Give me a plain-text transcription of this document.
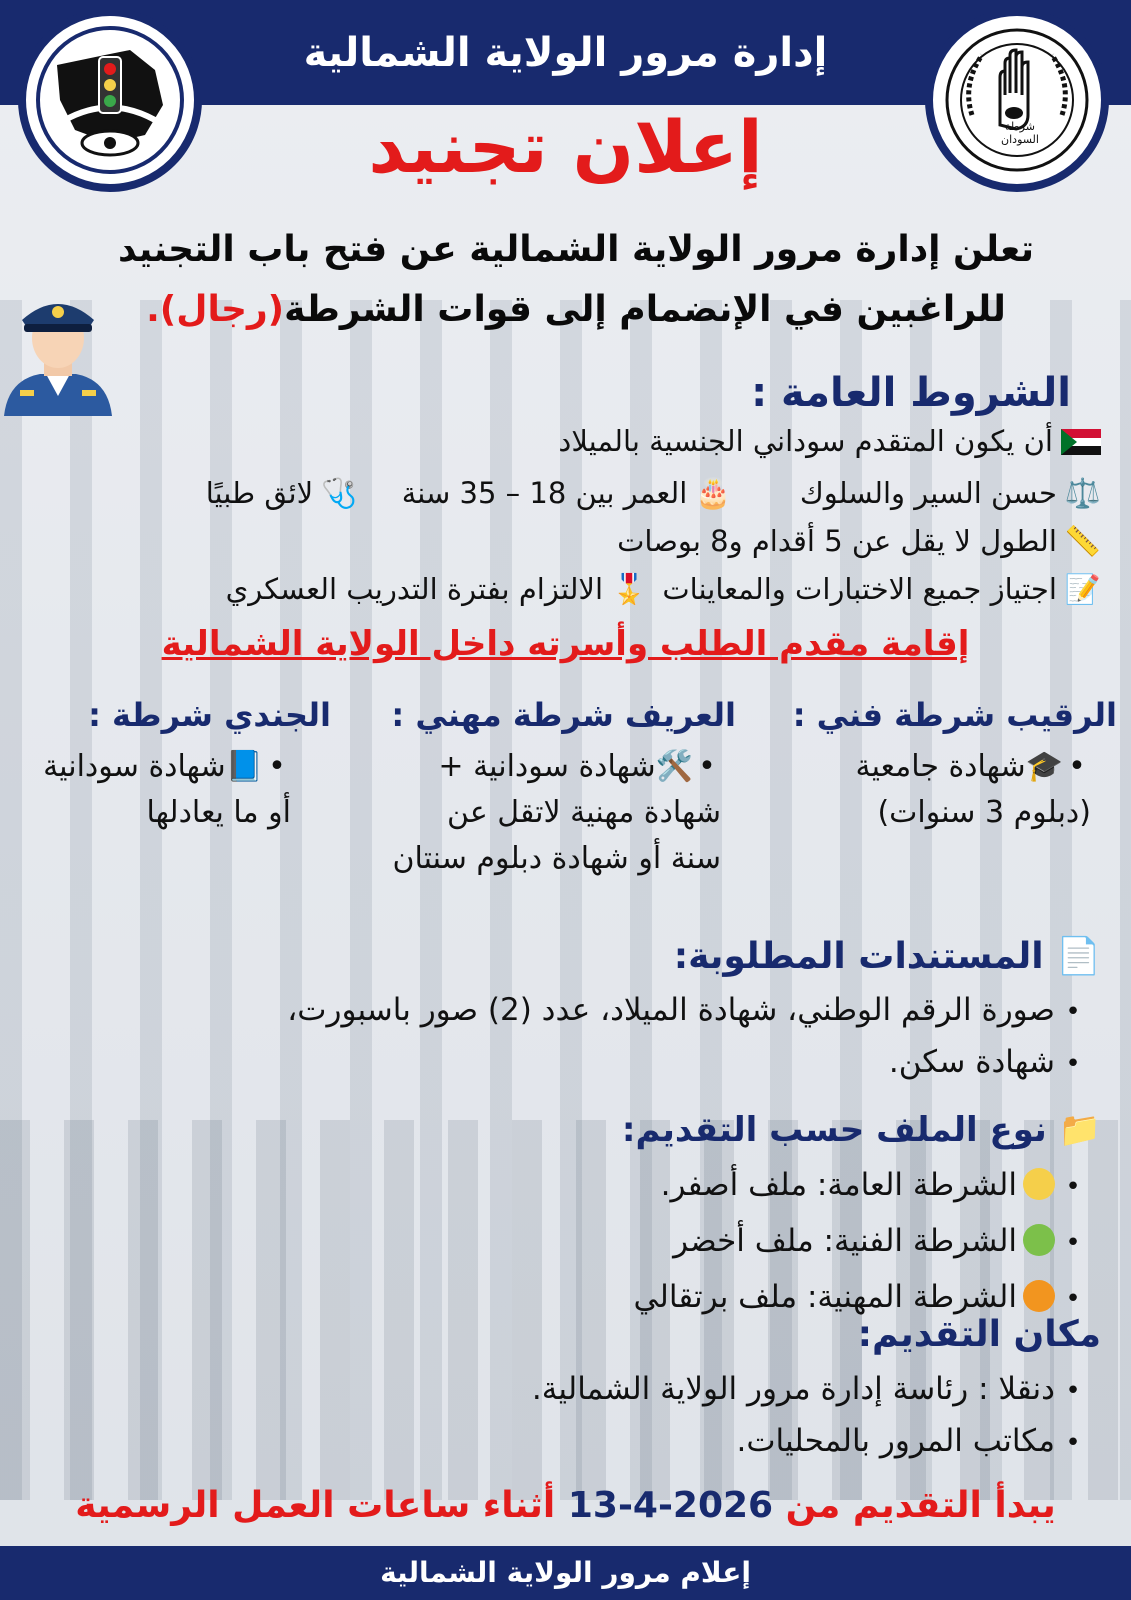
إدارة مرور الولاية الشمالية
شرطة السودان
إعلان تجنيد
تعلن إدارة مرور الولاية الشمالية عن فتح باب التجنيد
للراغبين في الإنضمام إلى قوات الشرطة(رجال).
الشروط العامة :
أن يكون المتقدم سوداني الجنسية بالميلاد
⚖️حسن السير والسلوك  🎂العمر بين 18 – 35 سنة  🩺لائق طبيًا
📏الطول لا يقل عن 5 أقدام و8 بوصات
📝اجتياز جميع الاختبارات والمعاينات 🎖️الالتزام بفترة التدريب العسكري
إقامة مقدم الطلب وأسرته داخل الولاية الشمالية
الرقيب شرطة فني :
•🎓شهادة جامعية (دبلوم 3 سنوات)
العريف شرطة مهني :
•🛠️شهادة سودانية + شهادة مهنية لاتقل عن سنة أو شهادة دبلوم سنتان
الجندي شرطة :
•📘شهادة سودانية أو ما يعادلها
📄 المستندات المطلوبة:
•صورة الرقم الوطني، شهادة الميلاد، عدد (2) صور باسبورت،
•شهادة سكن.
📁 نوع الملف حسب التقديم:
•الشرطة العامة: ملف أصفر.
•الشرطة الفنية: ملف أخضر
•الشرطة المهنية: ملف برتقالي
مكان التقديم:
•دنقلا : رئاسة إدارة مرور الولاية الشمالية.
•مكاتب المرور بالمحليات.
يبدأ التقديم من 2026-4-13 أثناء ساعات العمل الرسمية
إعلام مرور الولاية الشمالية
